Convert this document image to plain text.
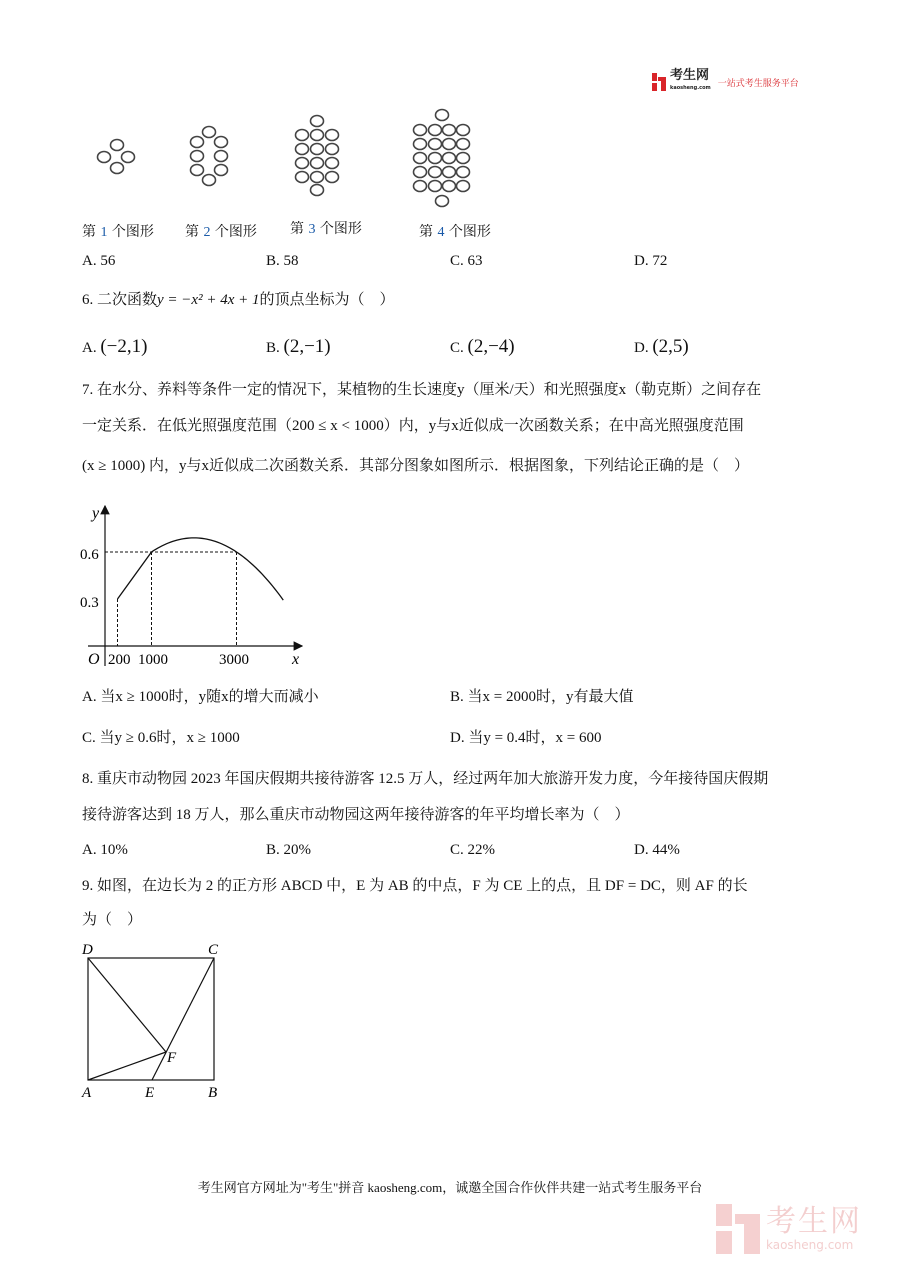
考生网
kaosheng.com 一站式考生服务平台
第 1 个图形 第 2 个图形 第 3 个图形	第 4 个图形
A. 56	B. 58	C. 63	D. 72
6. 二次函数y = −x² + 4x + 1的顶点坐标为（　）
A. (−2,1)	B. (2,−1)	C. (2,−4)	D. (2,5)
7. 在水分、养料等条件一定的情况下，某植物的生长速度y（厘米/天）和光照强度x（勒克斯）之间存在
一定关系．在低光照强度范围（200 ≤ x < 1000）内，y与x近似成一次函数关系；在中高光照强度范围
(x ≥ 1000) 内，y与x近似成二次函数关系．其部分图象如图所示．根据图象，下列结论正确的是（　）
y
x
O 200 1000	3000
0.6
0.3
A. 当x ≥ 1000时，y随x的增大而减小	B. 当x = 2000时，y有最大值
C. 当y ≥ 0.6时，x ≥ 1000	D. 当y = 0.4时，x = 600
8. 重庆市动物园 2023 年国庆假期共接待游客 12.5 万人，经过两年加大旅游开发力度，今年接待国庆假期
接待游客达到 18 万人，那么重庆市动物园这两年接待游客的年平均增长率为（　）
A. 10%	B. 20%	C. 22%	D. 44%
9. 如图，在边长为 2 的正方形 ABCD 中，E 为 AB 的中点，F 为 CE 上的点，且 DF = DC，则 AF 的长
为（　）
D	C
A	E	B
F
考生网官方网址为"考生"拼音 kaosheng.com，诚邀全国合作伙伴共建一站式考生服务平台
考生网
kaosheng.com
